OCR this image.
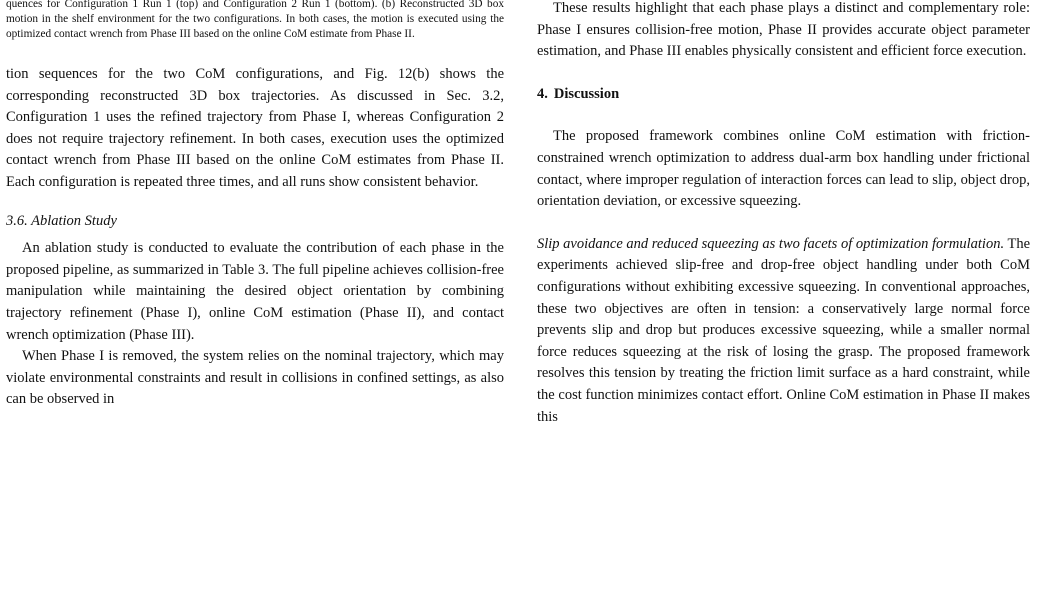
quences for Configuration 1 Run 1 (top) and Configuration 2 Run 1 (bottom). (b) Reconstructed 3D box motion in the shelf environment for the two configurations. In both cases, the motion is executed using the optimized contact wrench from Phase III based on the online CoM estimate from Phase II.

tion sequences for the two CoM configurations, and Fig. 12(b) shows the corresponding reconstructed 3D box trajectories. As discussed in Sec. 3.2, Configuration 1 uses the refined trajectory from Phase I, whereas Configuration 2 does not require trajectory refinement. In both cases, execution uses the optimized contact wrench from Phase III based on the online CoM estimates from Phase II. Each configuration is repeated three times, and all runs show consistent behavior.

3.6. Ablation Study

An ablation study is conducted to evaluate the contribution of each phase in the proposed pipeline, as summarized in Table 3. The full pipeline achieves collision-free manipulation while maintaining the desired object orientation by combining trajectory refinement (Phase I), online CoM estimation (Phase II), and contact wrench optimization (Phase III).

When Phase I is removed, the system relies on the nominal trajectory, which may violate environmental constraints and result in collisions in confined settings, as also can be observed in

These results highlight that each phase plays a distinct and complementary role: Phase I ensures collision-free motion, Phase II provides accurate object parameter estimation, and Phase III enables physically consistent and efficient force execution.

4. Discussion

The proposed framework combines online CoM estimation with friction-constrained wrench optimization to address dual-arm box handling under frictional contact, where improper regulation of interaction forces can lead to slip, object drop, orientation deviation, or excessive squeezing.

Slip avoidance and reduced squeezing as two facets of optimization formulation. The experiments achieved slip-free and drop-free object handling under both CoM configurations without exhibiting excessive squeezing. In conventional approaches, these two objectives are often in tension: a conservatively large normal force prevents slip and drop but produces excessive squeezing, while a smaller normal force reduces squeezing at the risk of losing the grasp. The proposed framework resolves this tension by treating the friction limit surface as a hard constraint, while the cost function minimizes contact effort. Online CoM estimation in Phase II makes this
